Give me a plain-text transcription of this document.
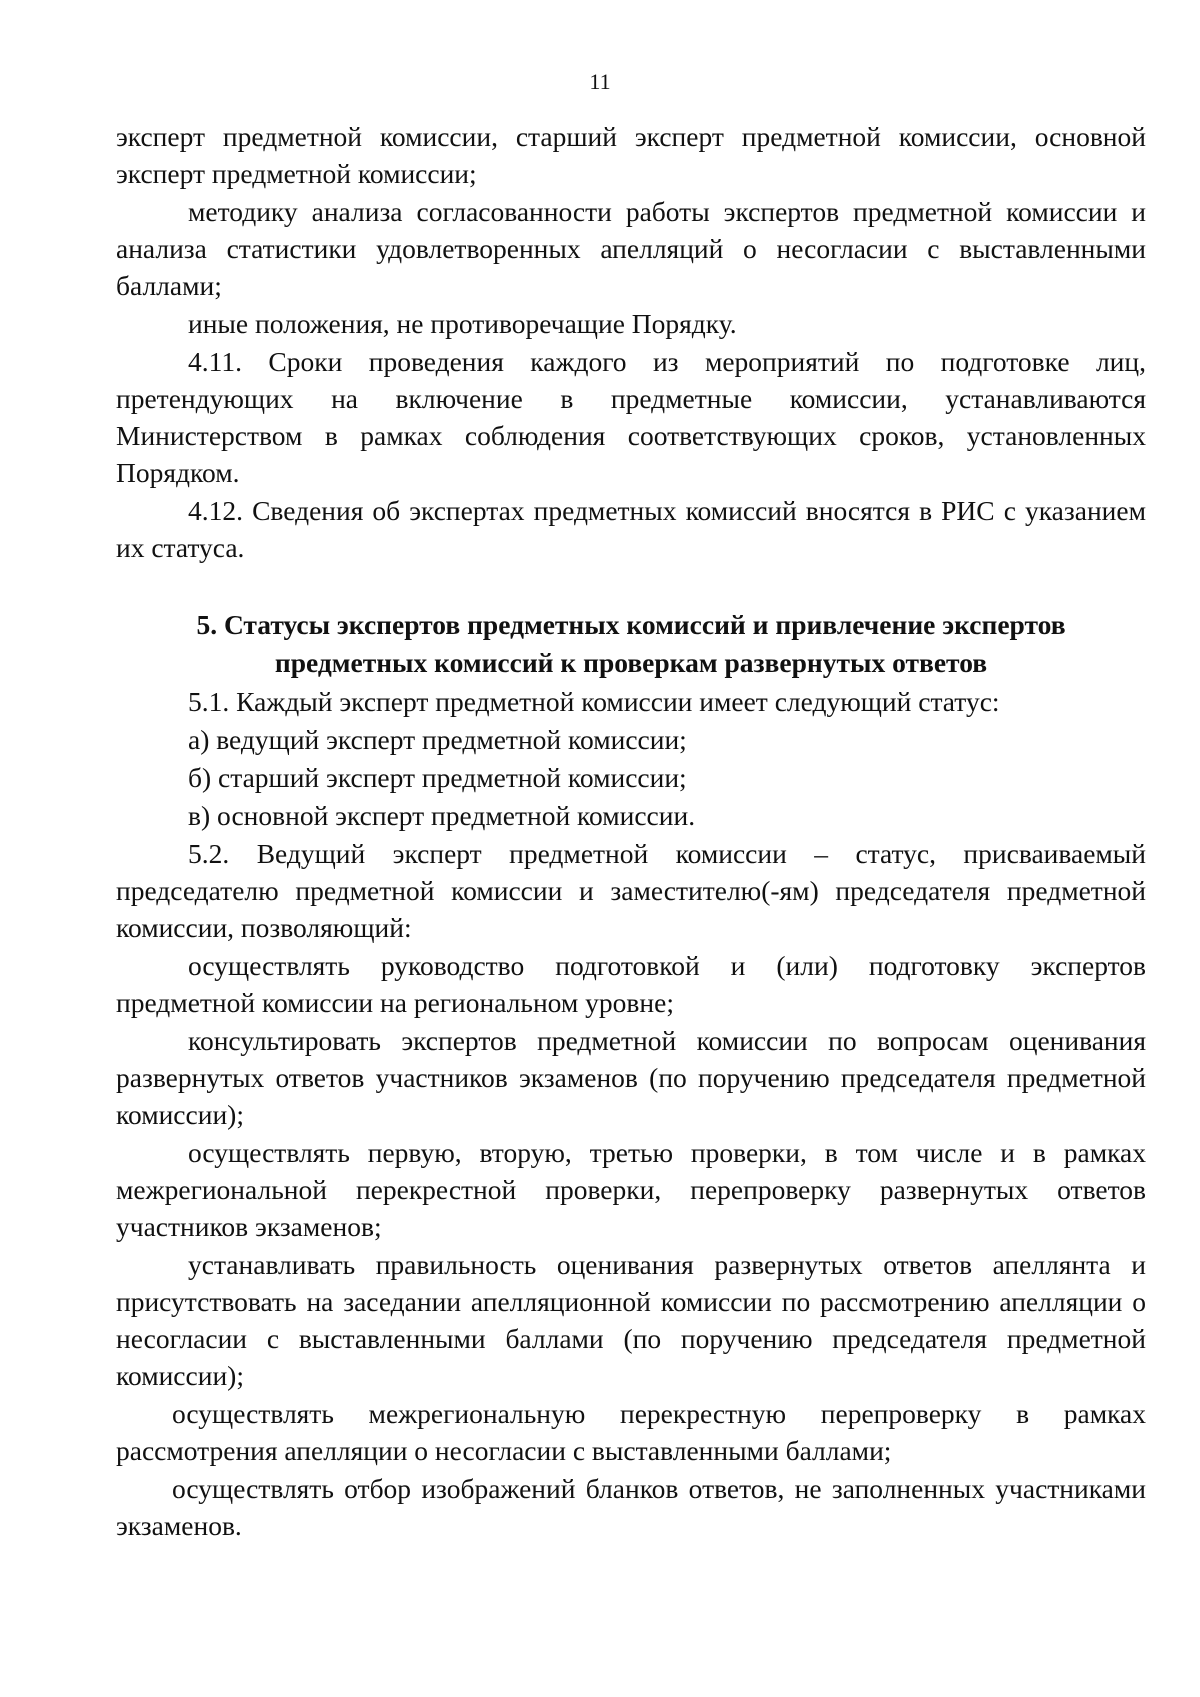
11

эксперт предметной комиссии, старший эксперт предметной комиссии, основной эксперт предметной комиссии;

методику анализа согласованности работы экспертов предметной комиссии и анализа статистики удовлетворенных апелляций о несогласии с выставленными баллами;

иные положения, не противоречащие Порядку.

4.11. Сроки проведения каждого из мероприятий по подготовке лиц, претендующих на включение в предметные комиссии, устанавливаются Министерством в рамках соблюдения соответствующих сроков, установленных Порядком.

4.12. Сведения об экспертах предметных комиссий вносятся в РИС с указанием их статуса.

5. Статусы экспертов предметных комиссий и привлечение экспертов
предметных комиссий к проверкам развернутых ответов

5.1. Каждый эксперт предметной комиссии имеет следующий статус:

а) ведущий эксперт предметной комиссии;

б) старший эксперт предметной комиссии;

в) основной эксперт предметной комиссии.

5.2. Ведущий эксперт предметной комиссии – статус, присваиваемый председателю предметной комиссии и заместителю(-ям) председателя предметной комиссии, позволяющий:

осуществлять руководство подготовкой и (или) подготовку экспертов предметной комиссии на региональном уровне;

консультировать экспертов предметной комиссии по вопросам оценивания развернутых ответов участников экзаменов (по поручению председателя предметной комиссии);

осуществлять первую, вторую, третью проверки, в том числе и в рамках межрегиональной перекрестной проверки, перепроверку развернутых ответов участников экзаменов;

устанавливать правильность оценивания развернутых ответов апеллянта и присутствовать на заседании апелляционной комиссии по рассмотрению апелляции о несогласии с выставленными баллами (по поручению председателя предметной комиссии);

осуществлять межрегиональную перекрестную перепроверку в рамках рассмотрения апелляции о несогласии с выставленными баллами;

осуществлять отбор изображений бланков ответов, не заполненных участниками экзаменов.
